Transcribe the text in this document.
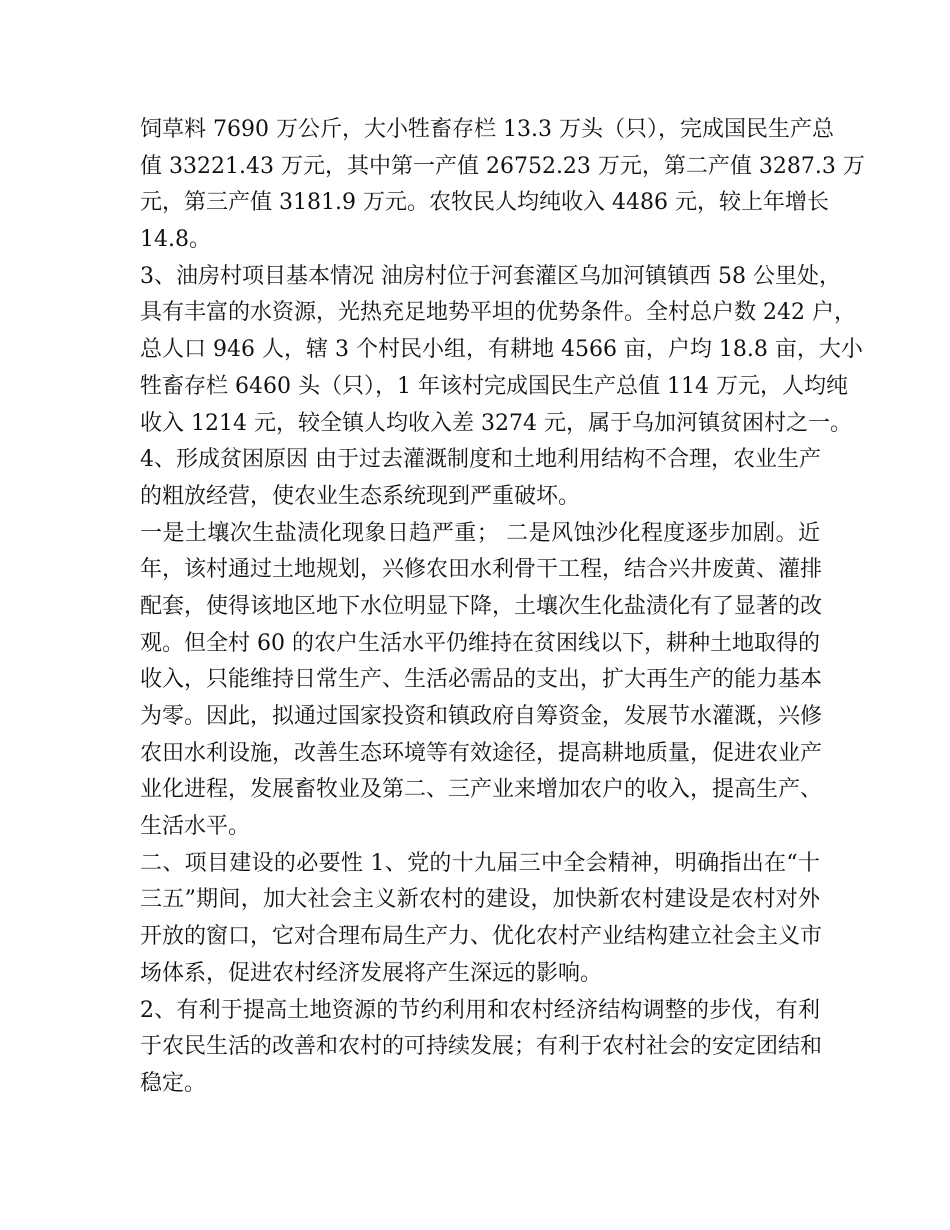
饲草料 7690 万公斤，大小牲畜存栏 13.3 万头（只），完成国民生产总
值 33221.43 万元，其中第一产值 26752.23 万元，第二产值 3287.3 万
元，第三产值 3181.9 万元。农牧民人均纯收入 4486 元，较上年增长
14.8。
3、油房村项目基本情况 油房村位于河套灌区乌加河镇镇西 58 公里处，
具有丰富的水资源，光热充足地势平坦的优势条件。全村总户数 242 户，
总人口 946 人，辖 3 个村民小组，有耕地 4566 亩，户均 18.8 亩，大小
牲畜存栏 6460 头（只），1 年该村完成国民生产总值 114 万元，人均纯
收入 1214 元，较全镇人均收入差 3274 元，属于乌加河镇贫困村之一。
4、形成贫困原因 由于过去灌溉制度和土地利用结构不合理，农业生产
的粗放经营，使农业生态系统现到严重破坏。
一是土壤次生盐渍化现象日趋严重； 二是风蚀沙化程度逐步加剧。近
年，该村通过土地规划，兴修农田水利骨干工程，结合兴井废黄、灌排
配套，使得该地区地下水位明显下降，土壤次生化盐渍化有了显著的改
观。但全村 60 的农户生活水平仍维持在贫困线以下，耕种土地取得的
收入，只能维持日常生产、生活必需品的支出，扩大再生产的能力基本
为零。因此，拟通过国家投资和镇政府自筹资金，发展节水灌溉，兴修
农田水利设施，改善生态环境等有效途径，提高耕地质量，促进农业产
业化进程，发展畜牧业及第二、三产业来增加农户的收入，提高生产、
生活水平。
二、项目建设的必要性 1、党的十九届三中全会精神，明确指出在“十
三五”期间，加大社会主义新农村的建设，加快新农村建设是农村对外
开放的窗口，它对合理布局生产力、优化农村产业结构建立社会主义市
场体系，促进农村经济发展将产生深远的影响。
2、有利于提高土地资源的节约利用和农村经济结构调整的步伐，有利
于农民生活的改善和农村的可持续发展；有利于农村社会的安定团结和
稳定。
